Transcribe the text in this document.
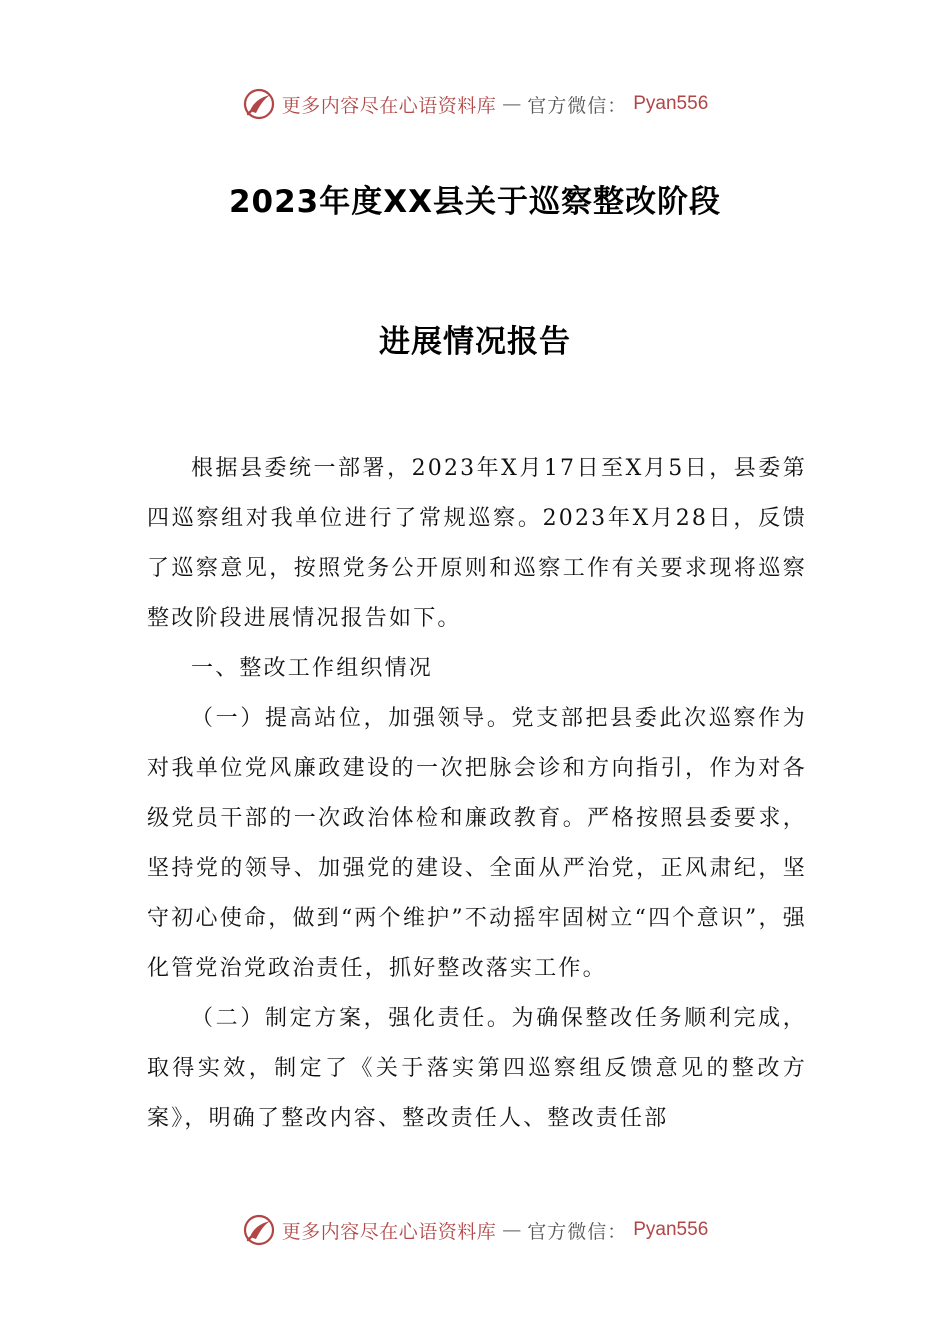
更多内容尽在心语资料库 — 官方微信： Pyan556
2023年度XX县关于巡察整改阶段
进展情况报告

根据县委统一部署，2023年X月17日至X月5日，县委第四巡察组对我单位进行了常规巡察。2023年X月28日，反馈了巡察意见，按照党务公开原则和巡察工作有关要求现将巡察整改阶段进展情况报告如下。

一、整改工作组织情况

（一）提高站位，加强领导。党支部把县委此次巡察作为对我单位党风廉政建设的一次把脉会诊和方向指引，作为对各级党员干部的一次政治体检和廉政教育。严格按照县委要求，坚持党的领导、加强党的建设、全面从严治党，正风肃纪，坚守初心使命，做到“两个维护”不动摇牢固树立“四个意识”，强化管党治党政治责任，抓好整改落实工作。

（二）制定方案，强化责任。为确保整改任务顺利完成，取得实效，制定了《关于落实第四巡察组反馈意见的整改方案》，明确了整改内容、整改责任人、整改责任部

更多内容尽在心语资料库 — 官方微信： Pyan556
